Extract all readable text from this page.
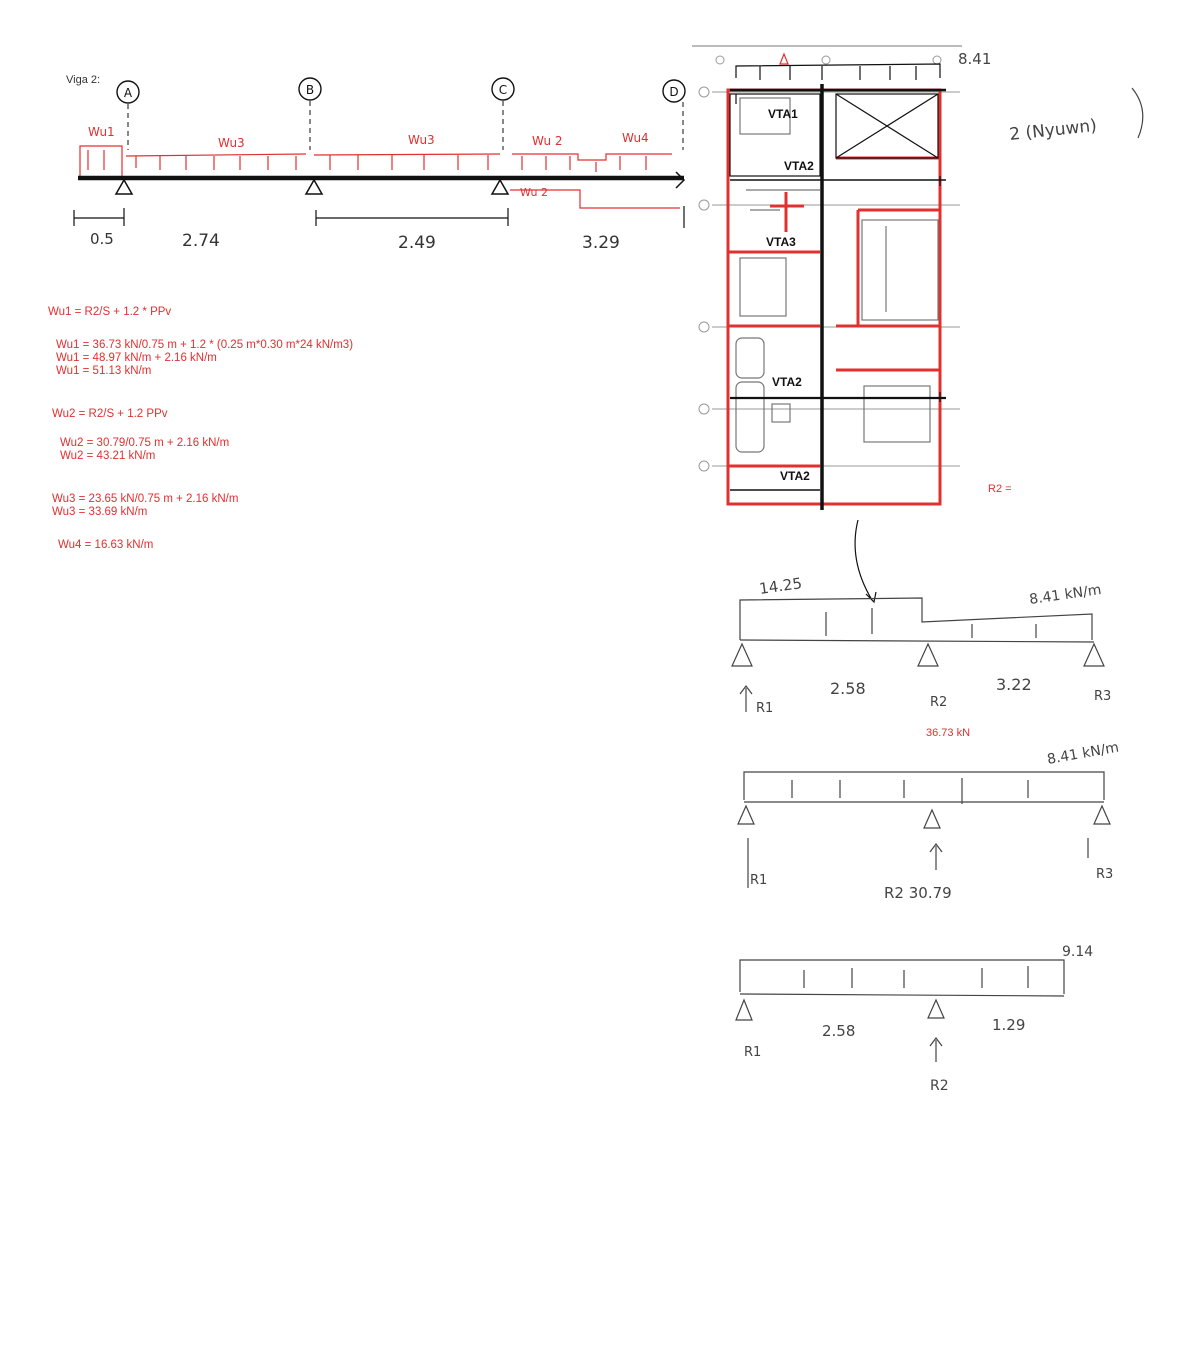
Viga 2:
A	B	C	D
Wu1
Wu3	Wu3	Wu 2	Wu4
Wu 2
0.5	2.74	2.49	3.29
8.41
2 (Nyuwn)
VTA1
VTA2
VTA3
VTA2
VTA2
R2 =
14.25	8.41 kN/m
2.58	3.22
R1	R2	R3
36.73 kN
8.41 kN/m
R1
R2 30.79
R3
9.14
2.58	1.29
R1
R2
Wu1 = R2/S + 1.2 * PPv
Wu1 = 36.73 kN/0.75 m + 1.2 * (0.25 m*0.30 m*24 kN/m3)
Wu1 = 48.97 kN/m + 2.16 kN/m
Wu1 = 51.13 kN/m
Wu2 = R2/S + 1.2 PPv
Wu2 = 30.79/0.75 m + 2.16 kN/m
Wu2 = 43.21 kN/m
Wu3 = 23.65 kN/0.75 m + 2.16 kN/m
Wu3 = 33.69 kN/m
Wu4 = 16.63 kN/m
